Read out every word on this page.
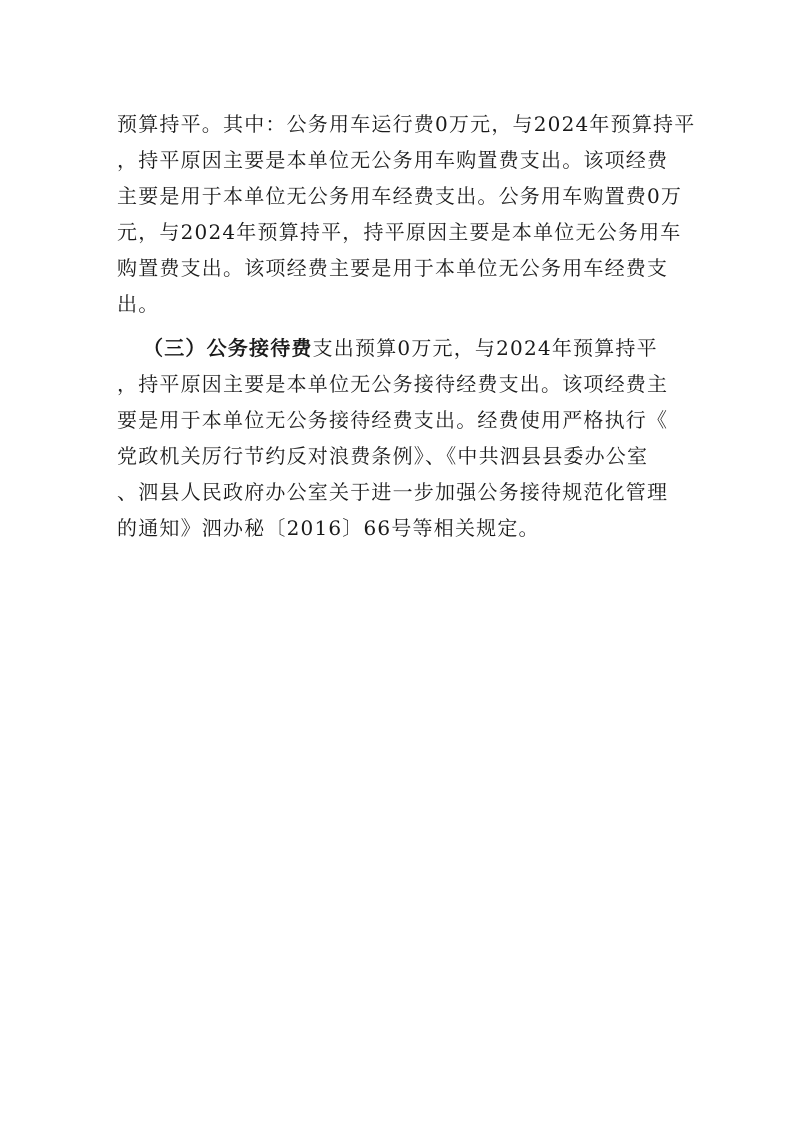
预算持平。其中：公务用车运行费0万元，与2024年预算持平
，持平原因主要是本单位无公务用车购置费支出。该项经费
主要是用于本单位无公务用车经费支出。公务用车购置费0万
元，与2024年预算持平，持平原因主要是本单位无公务用车
购置费支出。该项经费主要是用于本单位无公务用车经费支
出。
（三）公务接待费支出预算0万元，与2024年预算持平
，持平原因主要是本单位无公务接待经费支出。该项经费主
要是用于本单位无公务接待经费支出。经费使用严格执行《
党政机关厉行节约反对浪费条例》、《中共泗县县委办公室
、泗县人民政府办公室关于进一步加强公务接待规范化管理
的通知》泗办秘〔2016〕66号等相关规定。
